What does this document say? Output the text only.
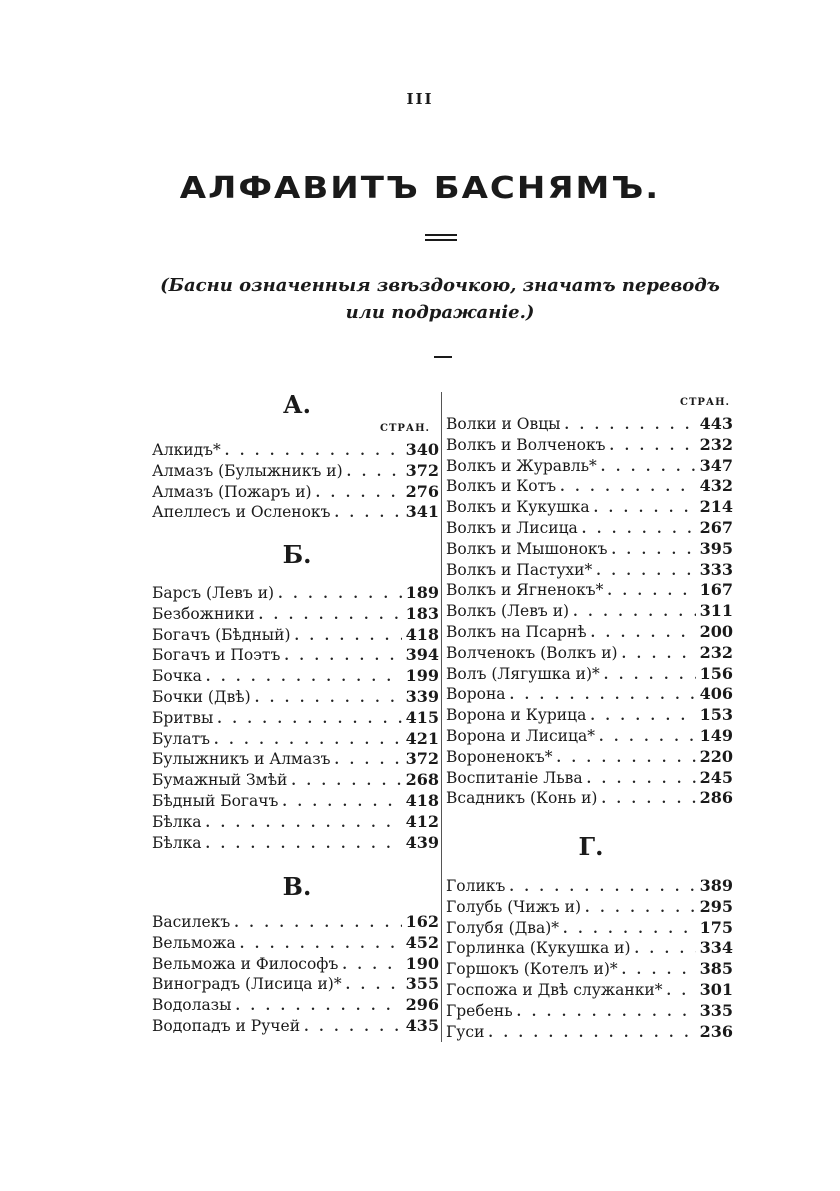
III
АЛФАВИТЪ БАСНЯМЪ.
(Басни означенныя звѣздочкою, значатъ переводъ или подражаніе.)
СТРАН.
А.
Алкидъ* . . .	340
Алмазъ (Булыжникъ и) . . .	372
Алмазъ (Пожаръ и) . . .	276
Апеллесъ и Осленокъ . . .	341
Б.
Барсъ (Левъ и) . . .	189
Безбожники . . .	183
Богачъ (Бѣдный) . . .	418
Богачъ и Поэтъ . . .	394
Бочка . . .	199
Бочки (Двѣ) . . .	339
Бритвы . . .	415
Булатъ . . .	421
Булыжникъ и Алмазъ . . .	372
Бумажный Змѣй . . .	268
Бѣдный Богачъ . . .	418
Бѣлка . . .	412
Бѣлка . . .	439
В.
Василекъ . . .	162
Вельможа . . .	452
Вельможа и Философъ . . .	190
Виноградъ (Лисица и)* . . .	355
Водолазы . . .	296
Водопадъ и Ручей . . .	435
СТРАН.
Волки и Овцы . . .	443
Волкъ и Волченокъ . . .	232
Волкъ и Журавль* . . .	347
Волкъ и Котъ . . .	432
Волкъ и Кукушка . . .	214
Волкъ и Лисица . . .	267
Волкъ и Мышонокъ . . .	395
Волкъ и Пастухи* . . .	333
Волкъ и Ягненокъ* . . .	167
Волкъ (Левъ и) . . .	311
Волкъ на Псарнѣ . . .	200
Волченокъ (Волкъ и) . . .	232
Волъ (Лягушка и)* . . .	156
Ворона . . .	406
Ворона и Курица . . .	153
Ворона и Лисица* . . .	149
Вороненокъ* . . .	220
Воспитаніе Льва . . .	245
Всадникъ (Конь и) . . .	286
Г.
Голикъ . . .	389
Голубь (Чижъ и) . . .	295
Голубя (Два)* . . .	175
Горлинка (Кукушка и) . . .	334
Горшокъ (Котелъ и)* . . .	385
Госпожа и Двѣ служанки* . . . 301
Гребень . . .	335
Гуси . . .	236
